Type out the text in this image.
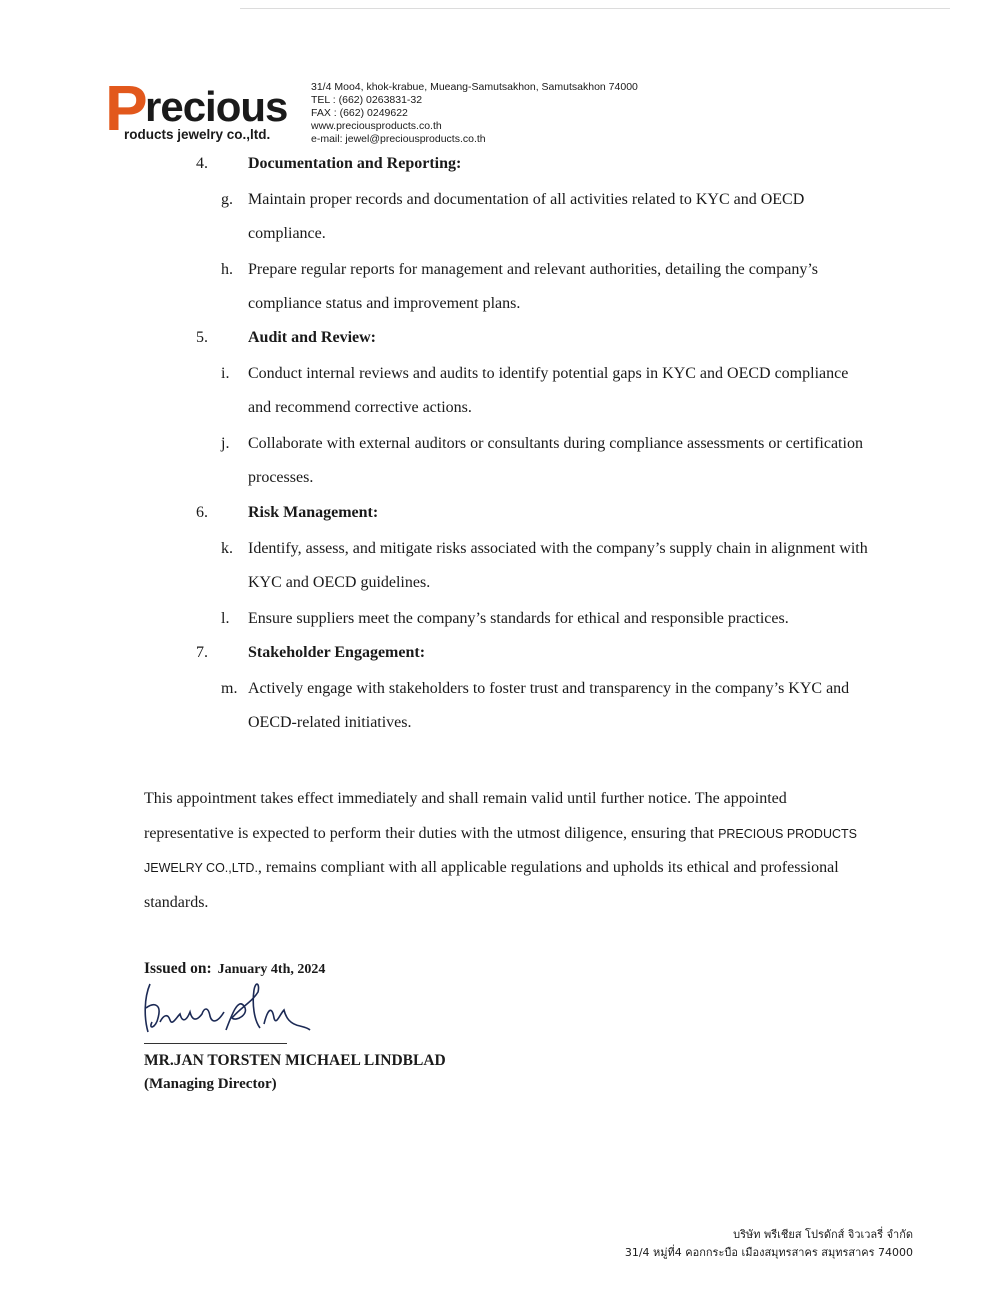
P
recious
roducts jewelry co.,ltd.
31/4 Moo4, khok-krabue, Mueang-Samutsakhon, Samutsakhon 74000
TEL : (662) 0263831-32
FAX : (662) 0249622
www.preciousproducts.co.th
e-mail: jewel@preciousproducts.co.th
4.	Documentation and Reporting:
g. Maintain proper records and documentation of all activities related to KYC and OECD compliance.
h. Prepare regular reports for management and relevant authorities, detailing the company’s compliance status and improvement plans.
5.	Audit and Review:
i. Conduct internal reviews and audits to identify potential gaps in KYC and OECD compliance and recommend corrective actions.
j. Collaborate with external auditors or consultants during compliance assessments or certification processes.
6.	Risk Management:
k. Identify, assess, and mitigate risks associated with the company’s supply chain in alignment with KYC and OECD guidelines.
l. Ensure suppliers meet the company’s standards for ethical and responsible practices.
7.	Stakeholder Engagement:
m. Actively engage with stakeholders to foster trust and transparency in the company’s KYC and OECD-related initiatives.
This appointment takes effect immediately and shall remain valid until further notice. The appointed representative is expected to perform their duties with the utmost diligence, ensuring that PRECIOUS PRODUCTS JEWELRY CO.,LTD., remains compliant with all applicable regulations and upholds its ethical and professional standards.
Issued on: January 4th, 2024
MR.JAN TORSTEN MICHAEL LINDBLAD
(Managing Director)
บริษัท พรีเชียส โปรดักส์ จิวเวลรี่ จำกัด
31/4 หมู่ที่4 คอกกระบือ เมืองสมุทรสาคร สมุทรสาคร 74000
